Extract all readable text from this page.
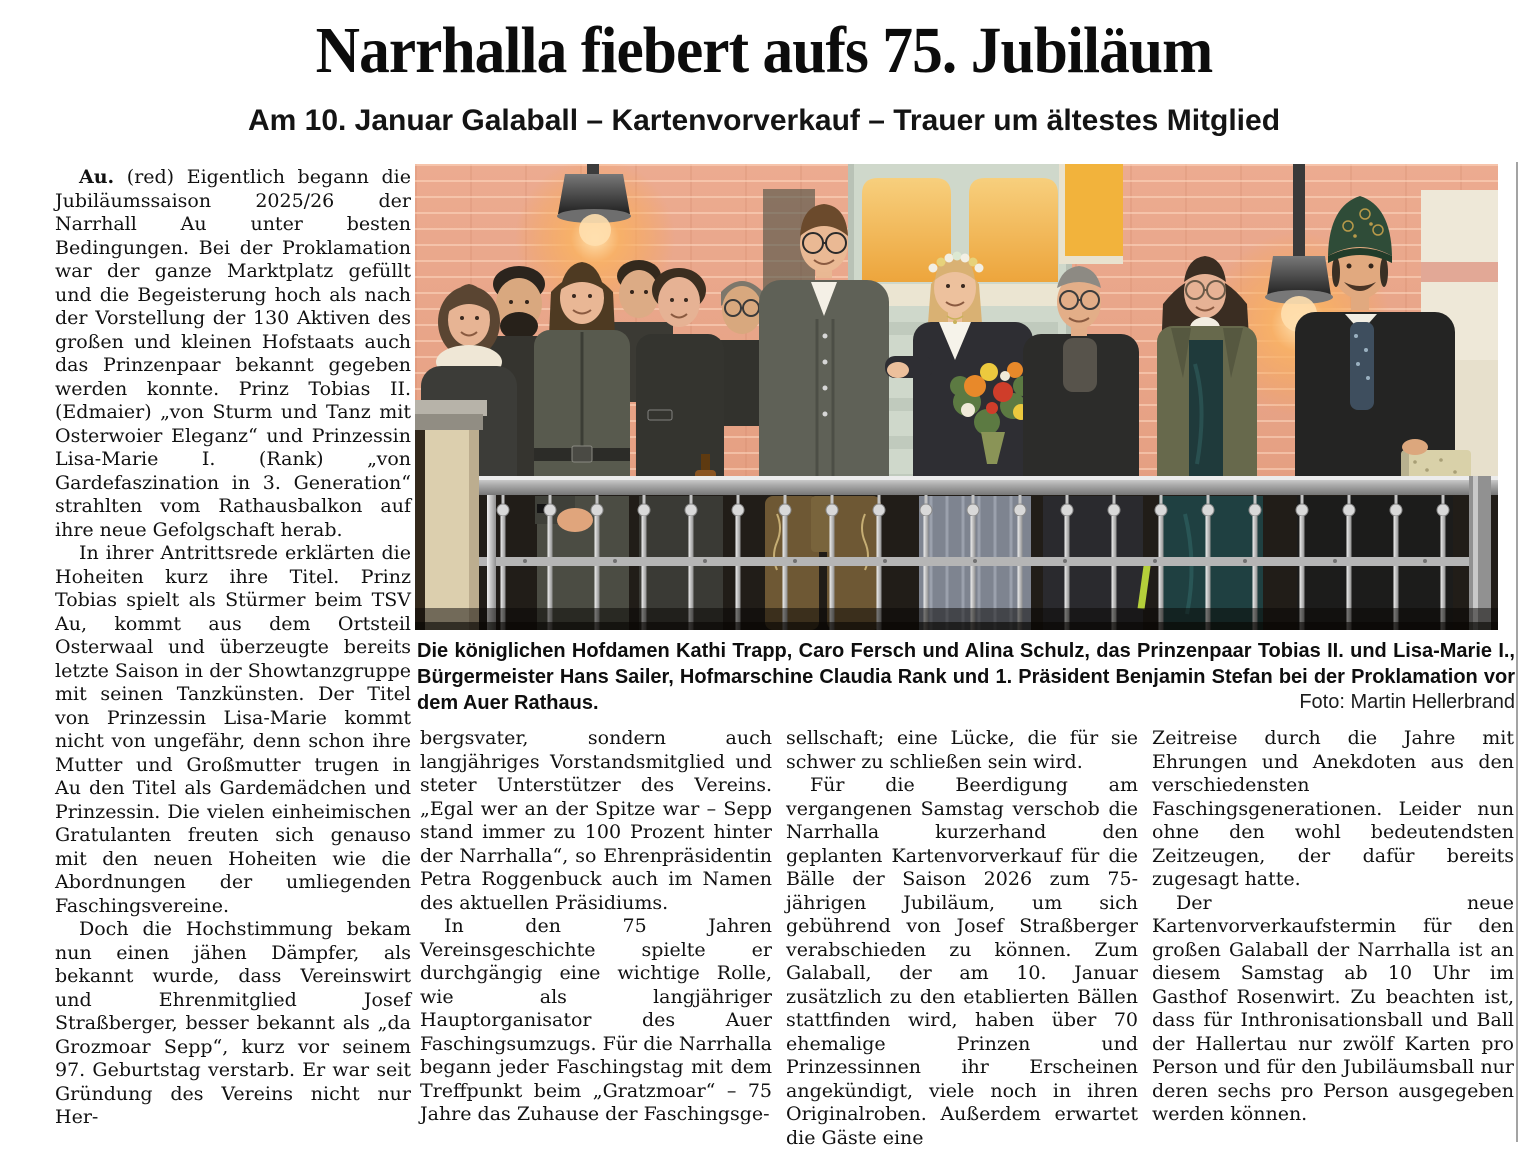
Narrhalla fiebert aufs 75. Jubiläum
Am 10. Januar Galaball – Kartenvorverkauf – Trauer um ältestes Mitglied

Au. (red) Eigentlich begann die Jubiläumssaison 2025/26 der Narrhall Au unter besten Bedingungen. Bei der Proklamation war der ganze Marktplatz gefüllt und die Begeisterung hoch als nach der Vorstellung der 130 Aktiven des großen und kleinen Hofstaats auch das Prinzenpaar bekannt gegeben werden konnte. Prinz Tobias II. (Edmaier) „von Sturm und Tanz mit Osterwoier Eleganz“ und Prinzessin Lisa-Marie I. (Rank) „von Gardefaszination in 3. Generation“ strahlten vom Rathausbalkon auf ihre neue Gefolgschaft herab.

In ihrer Antrittsrede erklärten die Hoheiten kurz ihre Titel. Prinz Tobias spielt als Stürmer beim TSV Au, kommt aus dem Ortsteil Osterwaal und überzeugte bereits letzte Saison in der Showtanzgruppe mit seinen Tanzkünsten. Der Titel von Prinzessin Lisa-Marie kommt nicht von ungefähr, denn schon ihre Mutter und Großmutter trugen in Au den Titel als Gardemädchen und Prinzessin. Die vielen einheimischen Gratulanten freuten sich genauso mit den neuen Hoheiten wie die Abordnungen der umliegenden Faschingsvereine.

Doch die Hochstimmung bekam nun einen jähen Dämpfer, als bekannt wurde, dass Vereinswirt und Ehrenmitglied Josef Straßberger, besser bekannt als „da Grozmoar Sepp“, kurz vor seinem 97. Geburtstag verstarb. Er war seit Gründung des Vereins nicht nur Her-

Die königlichen Hofdamen Kathi Trapp, Caro Fersch und Alina Schulz, das Prinzenpaar Tobias II. und Lisa-Marie I., Bürgermeister Hans Sailer, Hofmarschine Claudia Rank und 1. Präsident Benjamin Stefan bei der Proklamation vor dem Auer Rathaus.	Foto: Martin Hellerbrand

bergsvater, sondern auch langjähriges Vorstandsmitglied und steter Unterstützer des Vereins. „Egal wer an der Spitze war – Sepp stand immer zu 100 Prozent hinter der Narrhalla“, so Ehrenpräsidentin Petra Roggenbuck auch im Namen des aktuellen Präsidiums.

In den 75 Jahren Vereinsgeschichte spielte er durchgängig eine wichtige Rolle, wie als langjähriger Hauptorganisator des Auer Faschingsumzugs. Für die Narrhalla begann jeder Faschingstag mit dem Treffpunkt beim „Gratzmoar“ – 75 Jahre das Zuhause der Faschingsge-

sellschaft; eine Lücke, die für sie schwer zu schließen sein wird.

Für die Beerdigung am vergangenen Samstag verschob die Narrhalla kurzerhand den geplanten Kartenvorverkauf für die Bälle der Saison 2026 zum 75-jährigen Jubiläum, um sich gebührend von Josef Straßberger verabschieden zu können. Zum Galaball, der am 10. Januar zusätzlich zu den etablierten Bällen stattfinden wird, haben über 70 ehemalige Prinzen und Prinzessinnen ihr Erscheinen angekündigt, viele noch in ihren Originalroben. Außerdem erwartet die Gäste eine

Zeitreise durch die Jahre mit Ehrungen und Anekdoten aus den verschiedensten Faschingsgenerationen. Leider nun ohne den wohl bedeutendsten Zeitzeugen, der dafür bereits zugesagt hatte.

Der neue Kartenvorverkaufstermin für den großen Galaball der Narrhalla ist an diesem Samstag ab 10 Uhr im Gasthof Rosenwirt. Zu beachten ist, dass für Inthronisationsball und Ball der Hallertau nur zwölf Karten pro Person und für den Jubiläumsball nur deren sechs pro Person ausgegeben werden können.
